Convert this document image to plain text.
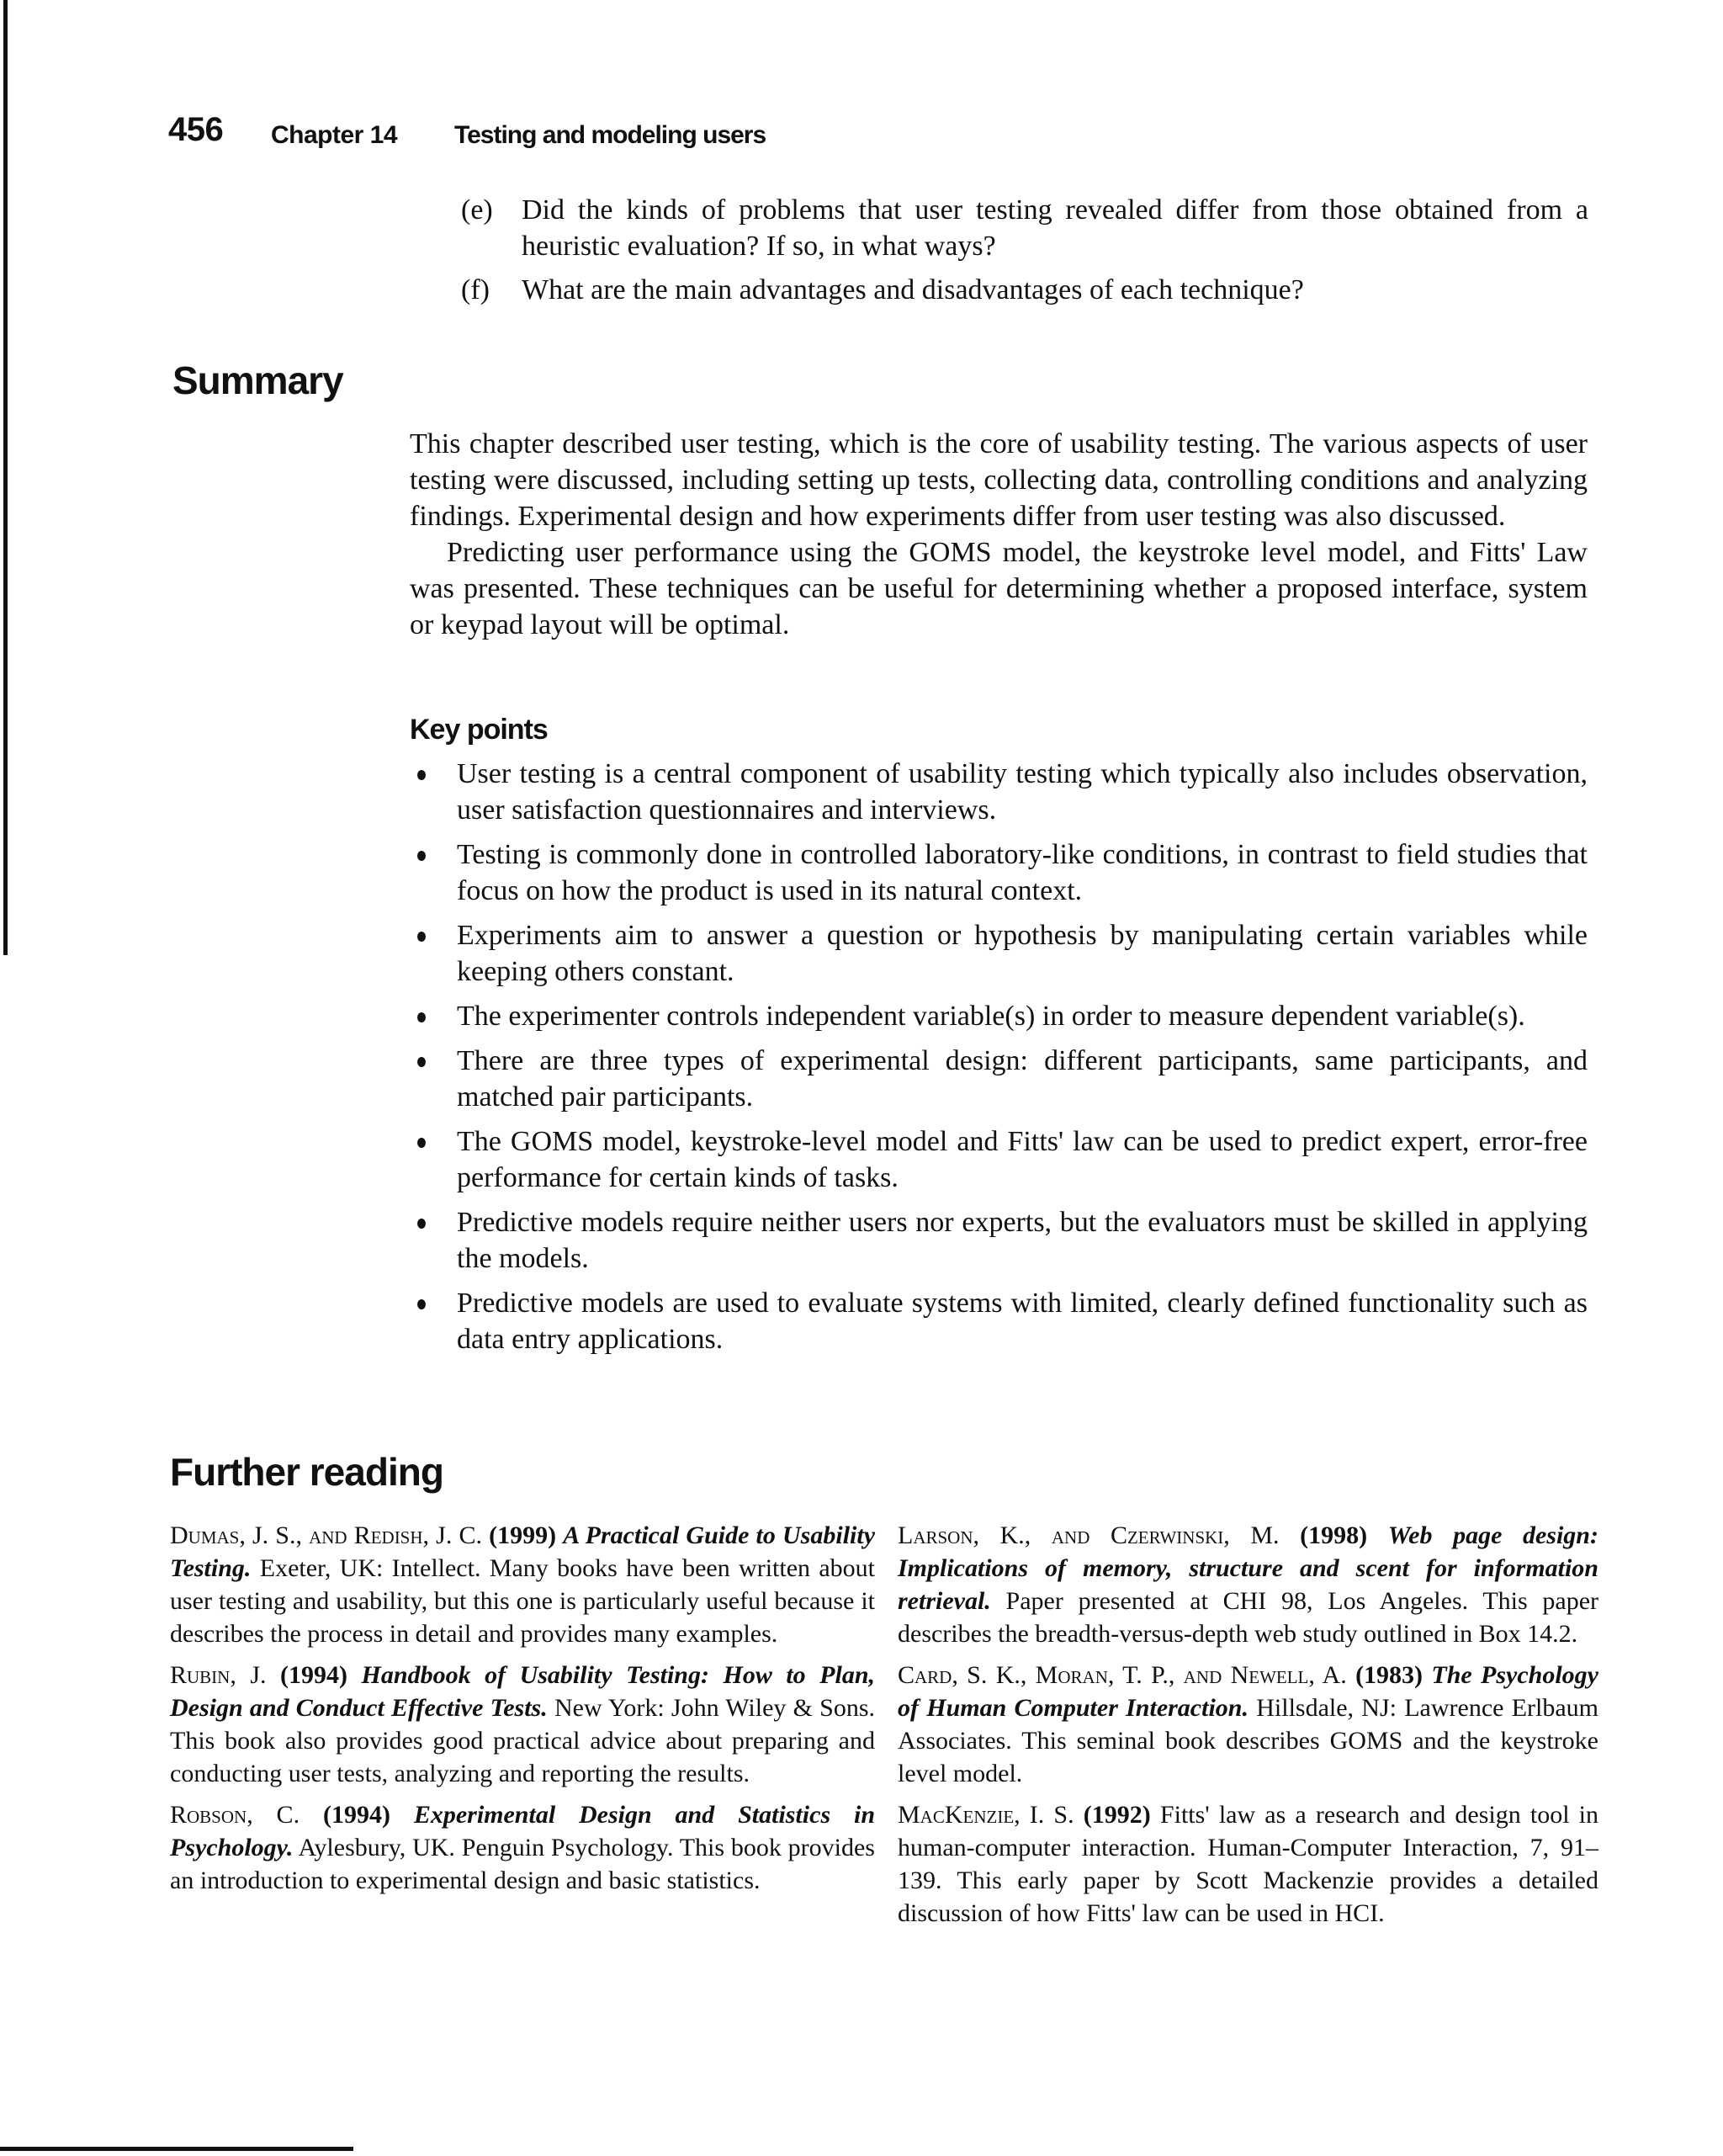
456 Chapter 14 Testing and modeling users
(e) Did the kinds of problems that user testing revealed differ from those obtained from a heuristic evaluation? If so, in what ways?
(f) What are the main advantages and disadvantages of each technique?
Summary

This chapter described user testing, which is the core of usability testing. The various aspects of user testing were discussed, including setting up tests, collecting data, controlling conditions and analyzing findings. Experimental design and how experiments differ from user testing was also discussed.

Predicting user performance using the GOMS model, the keystroke level model, and Fitts' Law was presented. These techniques can be useful for determining whether a proposed interface, system or keypad layout will be optimal.

Key points
User testing is a central component of usability testing which typically also includes observation, user satisfaction questionnaires and interviews.
Testing is commonly done in controlled laboratory-like conditions, in contrast to field studies that focus on how the product is used in its natural context.
Experiments aim to answer a question or hypothesis by manipulating certain variables while keeping others constant.
The experimenter controls independent variable(s) in order to measure dependent variable(s).
There are three types of experimental design: different participants, same participants, and matched pair participants.
The GOMS model, keystroke-level model and Fitts' law can be used to predict expert, error-free performance for certain kinds of tasks.
Predictive models require neither users nor experts, but the evaluators must be skilled in applying the models.
Predictive models are used to evaluate systems with limited, clearly defined functionality such as data entry applications.
Further reading

Dumas, J. S., and Redish, J. C. (1999) A Practical Guide to Usability Testing. Exeter, UK: Intellect. Many books have been written about user testing and usability, but this one is particularly useful because it describes the process in detail and provides many examples.

Rubin, J. (1994) Handbook of Usability Testing: How to Plan, Design and Conduct Effective Tests. New York: John Wiley & Sons. This book also provides good practical advice about preparing and conducting user tests, analyzing and reporting the results.

Robson, C. (1994) Experimental Design and Statistics in Psychology. Aylesbury, UK. Penguin Psychology. This book provides an introduction to experimental design and basic statistics.

Larson, K., and Czerwinski, M. (1998) Web page design: Implications of memory, structure and scent for information retrieval. Paper presented at CHI 98, Los Angeles. This paper describes the breadth-versus-depth web study outlined in Box 14.2.

Card, S. K., Moran, T. P., and Newell, A. (1983) The Psychology of Human Computer Interaction. Hillsdale, NJ: Lawrence Erlbaum Associates. This seminal book describes GOMS and the keystroke level model.

MacKenzie, I. S. (1992) Fitts' law as a research and design tool in human-computer interaction. Human-Computer Interaction, 7, 91–139. This early paper by Scott Mackenzie provides a detailed discussion of how Fitts' law can be used in HCI.
